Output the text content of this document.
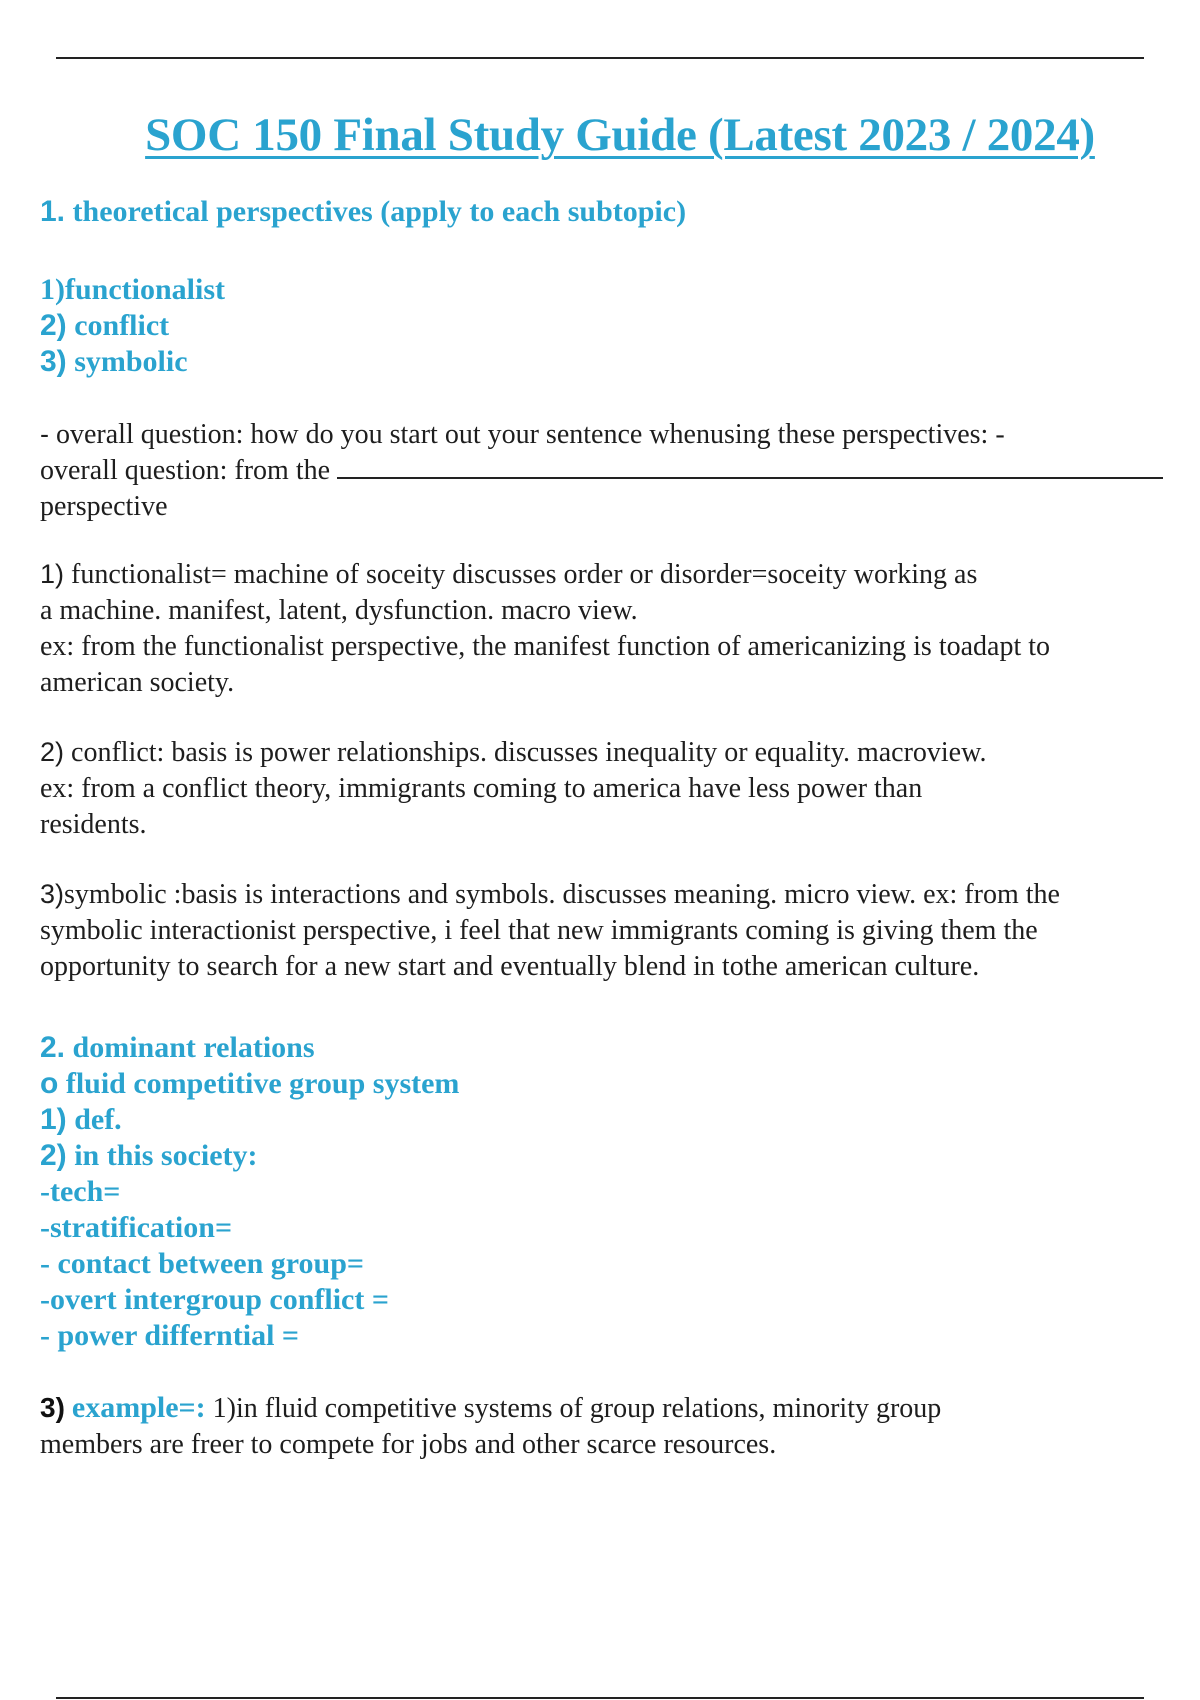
SOC 150 Final Study Guide (Latest 2023 / 2024)
1. theoretical perspectives (apply to each subtopic)
1)functionalist
2) conflict
3) symbolic
- overall question: how do you start out your sentence whenusing these perspectives: -
overall question: from the
perspective
1) functionalist= machine of soceity discusses order or disorder=soceity working as
a machine. manifest, latent, dysfunction. macro view.
ex: from the functionalist perspective, the manifest function of americanizing is toadapt to
american society.
2) conflict: basis is power relationships. discusses inequality or equality. macroview.
ex: from a conflict theory, immigrants coming to america have less power than
residents.
3)symbolic :basis is interactions and symbols. discusses meaning. micro view. ex: from the
symbolic interactionist perspective, i feel that new immigrants coming is giving them the
opportunity to search for a new start and eventually blend in tothe american culture.
2. dominant relations
o fluid competitive group system
1) def.
2) in this society:
-tech=
-stratification=
- contact between group=
-overt intergroup conflict =
- power differntial =
3) example=: 1)in fluid competitive systems of group relations, minority group
members are freer to compete for jobs and other scarce resources.
